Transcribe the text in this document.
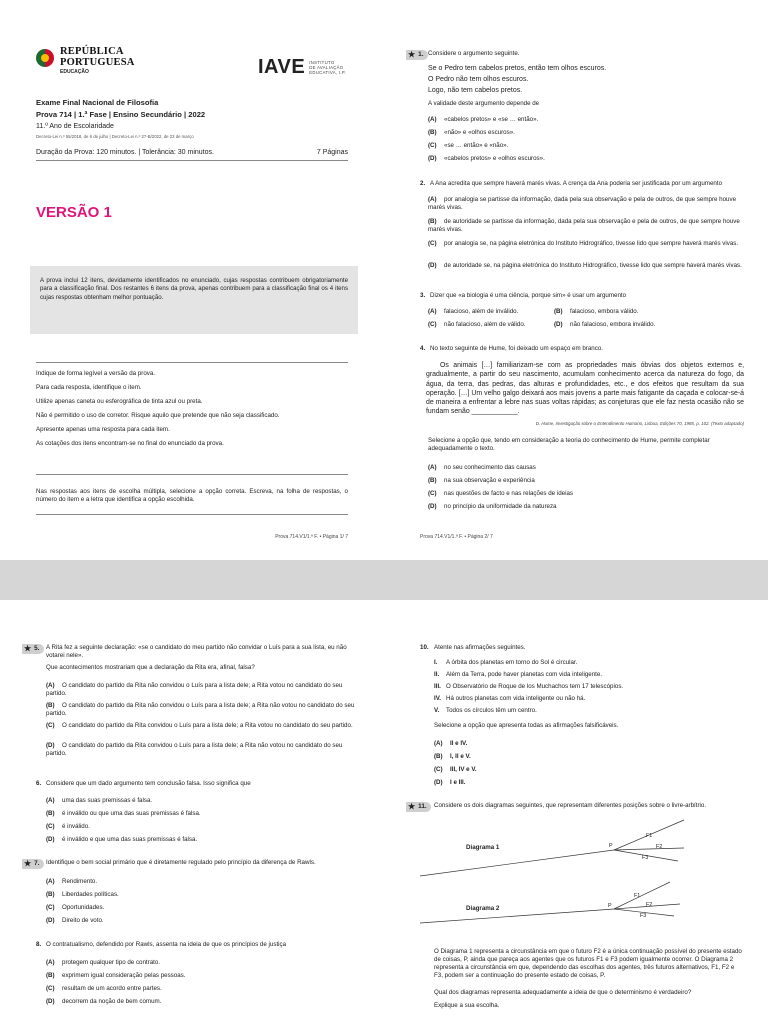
REPÚBLICA
PORTUGUESA
EDUCAÇÃO	IAVE INSTITUTO
DE AVALIAÇÃO
EDUCATIVA, I.P.
Exame Final Nacional de Filosofia
Prova 714 | 1.ª Fase | Ensino Secundário | 2022
11.º Ano de Escolaridade
Decreto-Lei n.º 55/2018, de 6 de julho | Decreto-Lei n.º 27-B/2022, de 23 de março
Duração da Prova: 120 minutos. | Tolerância: 30 minutos.	7 Páginas
VERSÃO 1
A prova inclui 12 itens, devidamente identificados no enunciado, cujas respostas contribuem obrigatoriamente para a classificação final. Dos restantes 6 itens da prova, apenas contribuem para a classificação final os 4 itens cujas respostas obtenham melhor pontuação.
Indique de forma legível a versão da prova.
Para cada resposta, identifique o item.
Utilize apenas caneta ou esferográfica de tinta azul ou preta.
Não é permitido o uso de corretor. Risque aquilo que pretende que não seja classificado.
Apresente apenas uma resposta para cada item.
As cotações dos itens encontram-se no final do enunciado da prova.
Nas respostas aos itens de escolha múltipla, selecione a opção correta. Escreva, na folha de respostas, o número do item e a letra que identifica a opção escolhida.
Prova 714.V1/1.ª F. • Página 1/ 7
★ 1. Considere o argumento seguinte.
Se o Pedro tem cabelos pretos, então tem olhos escuros.
O Pedro não tem olhos escuros.
Logo, não tem cabelos pretos.
A validade deste argumento depende de
(A) «cabelos pretos» e «se … então».
(B) «não» e «olhos escuros».
(C) «se … então» e «não».
(D) «cabelos pretos» e «olhos escuros».
2. A Ana acredita que sempre haverá marés vivas. A crença da Ana poderia ser justificada por um argumento
(A) por analogia se partisse da informação, dada pela sua observação e pela de outros, de que sempre houve marés vivas.
(B) de autoridade se partisse da informação, dada pela sua observação e pela de outros, de que sempre houve marés vivas.
(C) por analogia se, na página eletrónica do Instituto Hidrográfico, tivesse lido que sempre haverá marés vivas.
(D) de autoridade se, na página eletrónica do Instituto Hidrográfico, tivesse lido que sempre haverá marés vivas.
3. Dizer que «a biologia é uma ciência, porque sim» é usar um argumento
(A) falacioso, além de inválido.	(B) falacioso, embora válido.
(C) não falacioso, além de válido.	(D) não falacioso, embora inválido.
4. No texto seguinte de Hume, foi deixado um espaço em branco.
Os animais […] familiarizam-se com as propriedades mais óbvias dos objetos externos e, gradualmente, a partir do seu nascimento, acumulam conhecimento acerca da natureza do fogo, da água, da terra, das pedras, das alturas e profundidades, etc., e dos efeitos que resultam da sua operação. […] Um velho galgo deixará aos mais jovens a parte mais fatigante da caçada e colocar-se-á de maneira a enfrentar a lebre nas suas voltas rápidas; as conjeturas que ele faz nesta ocasião não se fundam senão ____________.
D. Hume, Investigação sobre o Entendimento Humano, Lisboa, Edições 70, 1985, p. 102. (Texto adaptado)
Selecione a opção que, tendo em consideração a teoria do conhecimento de Hume, permite completar adequadamente o texto.
(A) no seu conhecimento das causas
(B) na sua observação e experiência
(C) nas questões de facto e nas relações de ideias
(D) no princípio da uniformidade da natureza
Prova 714.V1/1.ª F. • Página 2/ 7
★ 5. A Rita fez a seguinte declaração: «se o candidato do meu partido não convidar o Luís para a sua lista, eu não votarei nele».
Que acontecimentos mostrariam que a declaração da Rita era, afinal, falsa?
(A) O candidato do partido da Rita não convidou o Luís para a lista dele; a Rita votou no candidato do seu partido.
(B) O candidato do partido da Rita não convidou o Luís para a lista dele; a Rita não votou no candidato do seu partido.
(C) O candidato do partido da Rita convidou o Luís para a lista dele; a Rita votou no candidato do seu partido.
(D) O candidato do partido da Rita convidou o Luís para a lista dele; a Rita não votou no candidato do seu partido.
6. Considere que um dado argumento tem conclusão falsa. Isso significa que
(A) uma das suas premissas é falsa.
(B) é inválido ou que uma das suas premissas é falsa.
(C) é inválido.
(D) é inválido e que uma das suas premissas é falsa.
★ 7. Identifique o bem social primário que é diretamente regulado pelo princípio da diferença de Rawls.
(A) Rendimento.
(B) Liberdades políticas.
(C) Oportunidades.
(D) Direito de voto.
8. O contratualismo, defendido por Rawls, assenta na ideia de que os princípios de justiça
(A) protegem qualquer tipo de contrato.
(B) exprimem igual consideração pelas pessoas.
(C) resultam de um acordo entre partes.
(D) decorrem da noção de bem comum.
10. Atente nas afirmações seguintes.
I. A órbita dos planetas em torno do Sol é circular.
II. Além da Terra, pode haver planetas com vida inteligente.
III. O Observatório de Roque de los Muchachos tem 17 telescópios.
IV. Há outros planetas com vida inteligente ou não há.
V. Todos os círculos têm um centro.
Selecione a opção que apresenta todas as afirmações falsificáveis.
(A) II e IV.
(B) I, II e V.
(C) III, IV e V.
(D) I e III.
★ 11. Considere os dois diagramas seguintes, que representam diferentes posições sobre o livre-arbítrio.
Diagrama 1	P
F1
F2
F3
P
F1
F2
F3
Diagrama 2
O Diagrama 1 representa a circunstância em que o futuro F2 é a única continuação possível do presente estado de coisas, P, ainda que pareça aos agentes que os futuros F1 e F3 podem igualmente ocorrer. O Diagrama 2 representa a circunstância em que, dependendo das escolhas dos agentes, três futuros alternativos, F1, F2 e F3, podem ser a continuação do presente estado de coisas, P.
Qual dos diagramas representa adequadamente a ideia de que o determinismo é verdadeiro?
Explique a sua escolha.
